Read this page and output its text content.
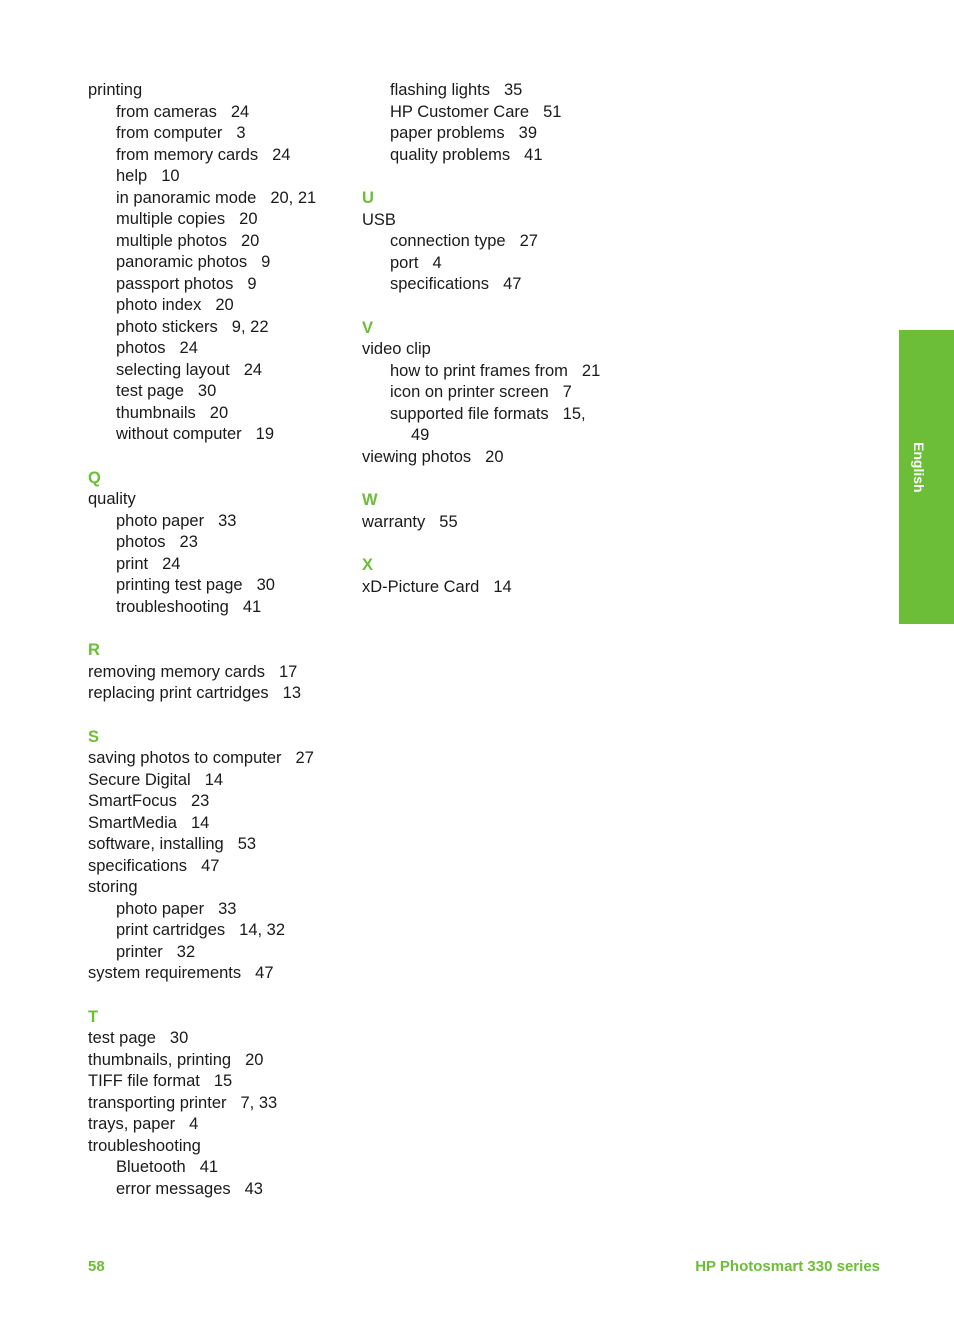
printing
from cameras 24
from computer 3
from memory cards 24
help 10
in panoramic mode 20, 21
multiple copies 20
multiple photos 20
panoramic photos 9
passport photos 9
photo index 20
photo stickers 9, 22
photos 24
selecting layout 24
test page 30
thumbnails 20
without computer 19
Q
quality
photo paper 33
photos 23
print 24
printing test page 30
troubleshooting 41
R
removing memory cards 17
replacing print cartridges 13
S
saving photos to computer 27
Secure Digital 14
SmartFocus 23
SmartMedia 14
software, installing 53
specifications 47
storing
photo paper 33
print cartridges 14, 32
printer 32
system requirements 47
T
test page 30
thumbnails, printing 20
TIFF file format 15
transporting printer 7, 33
trays, paper 4
troubleshooting
Bluetooth 41
error messages 43
flashing lights 35
HP Customer Care 51
paper problems 39
quality problems 41
U
USB
connection type 27
port 4
specifications 47
V
video clip
how to print frames from 21
icon on printer screen 7
supported file formats 15,
49
viewing photos 20
W
warranty 55
X
xD-Picture Card 14
English
58	HP Photosmart 330 series
